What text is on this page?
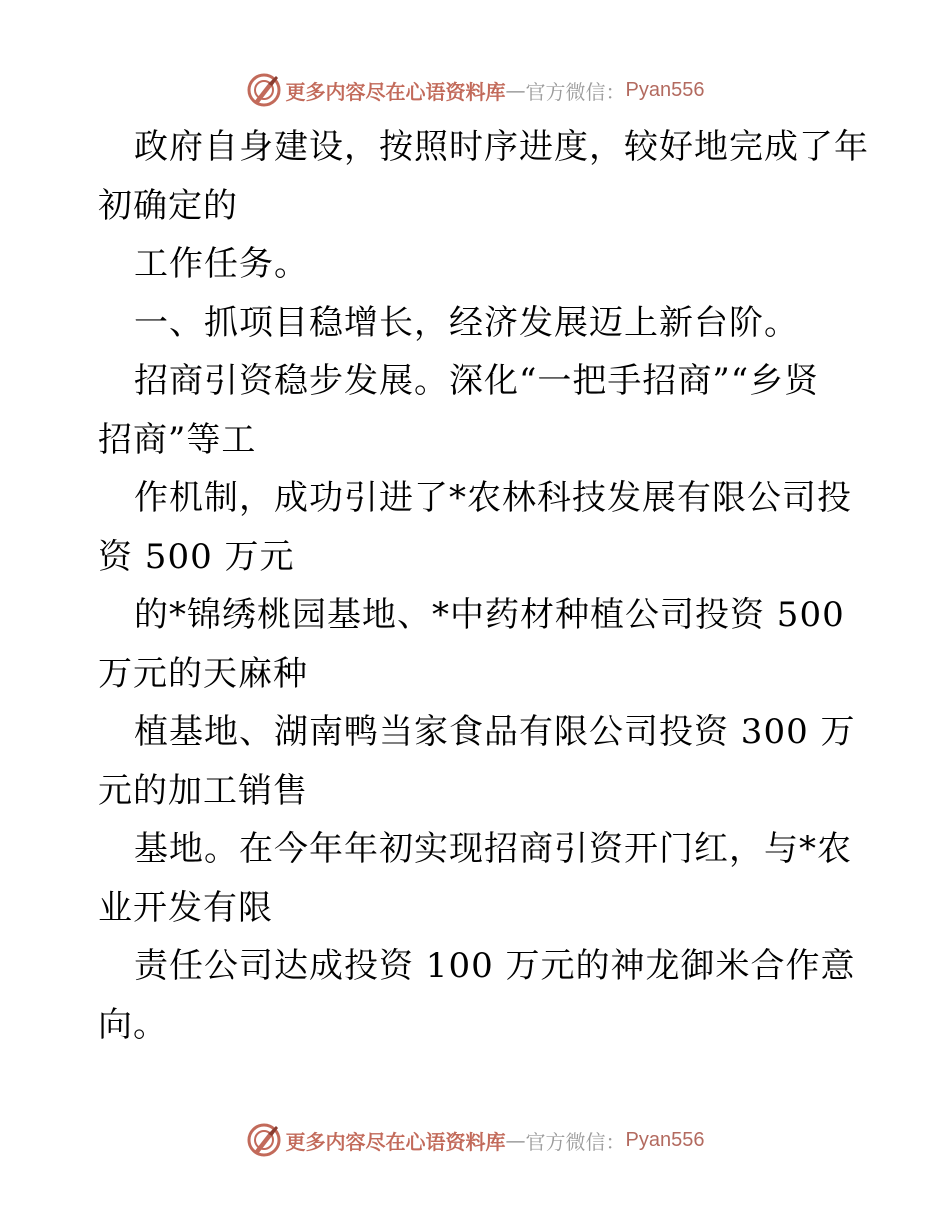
更多内容尽在心语资料库 — 官方微信： Pyan556
政府自身建设，按照时序进度，较好地完成了年
初确定的
工作任务。
一、抓项目稳增长，经济发展迈上新台阶。
招商引资稳步发展。深化“一把手招商”“乡贤
招商”等工
作机制，成功引进了*农林科技发展有限公司投
资 500 万元
的*锦绣桃园基地、*中药材种植公司投资 500
万元的天麻种
植基地、湖南鸭当家食品有限公司投资 300 万
元的加工销售
基地。在今年年初实现招商引资开门红，与*农
业开发有限
责任公司达成投资 100 万元的神龙御米合作意
向。
更多内容尽在心语资料库 — 官方微信： Pyan556
